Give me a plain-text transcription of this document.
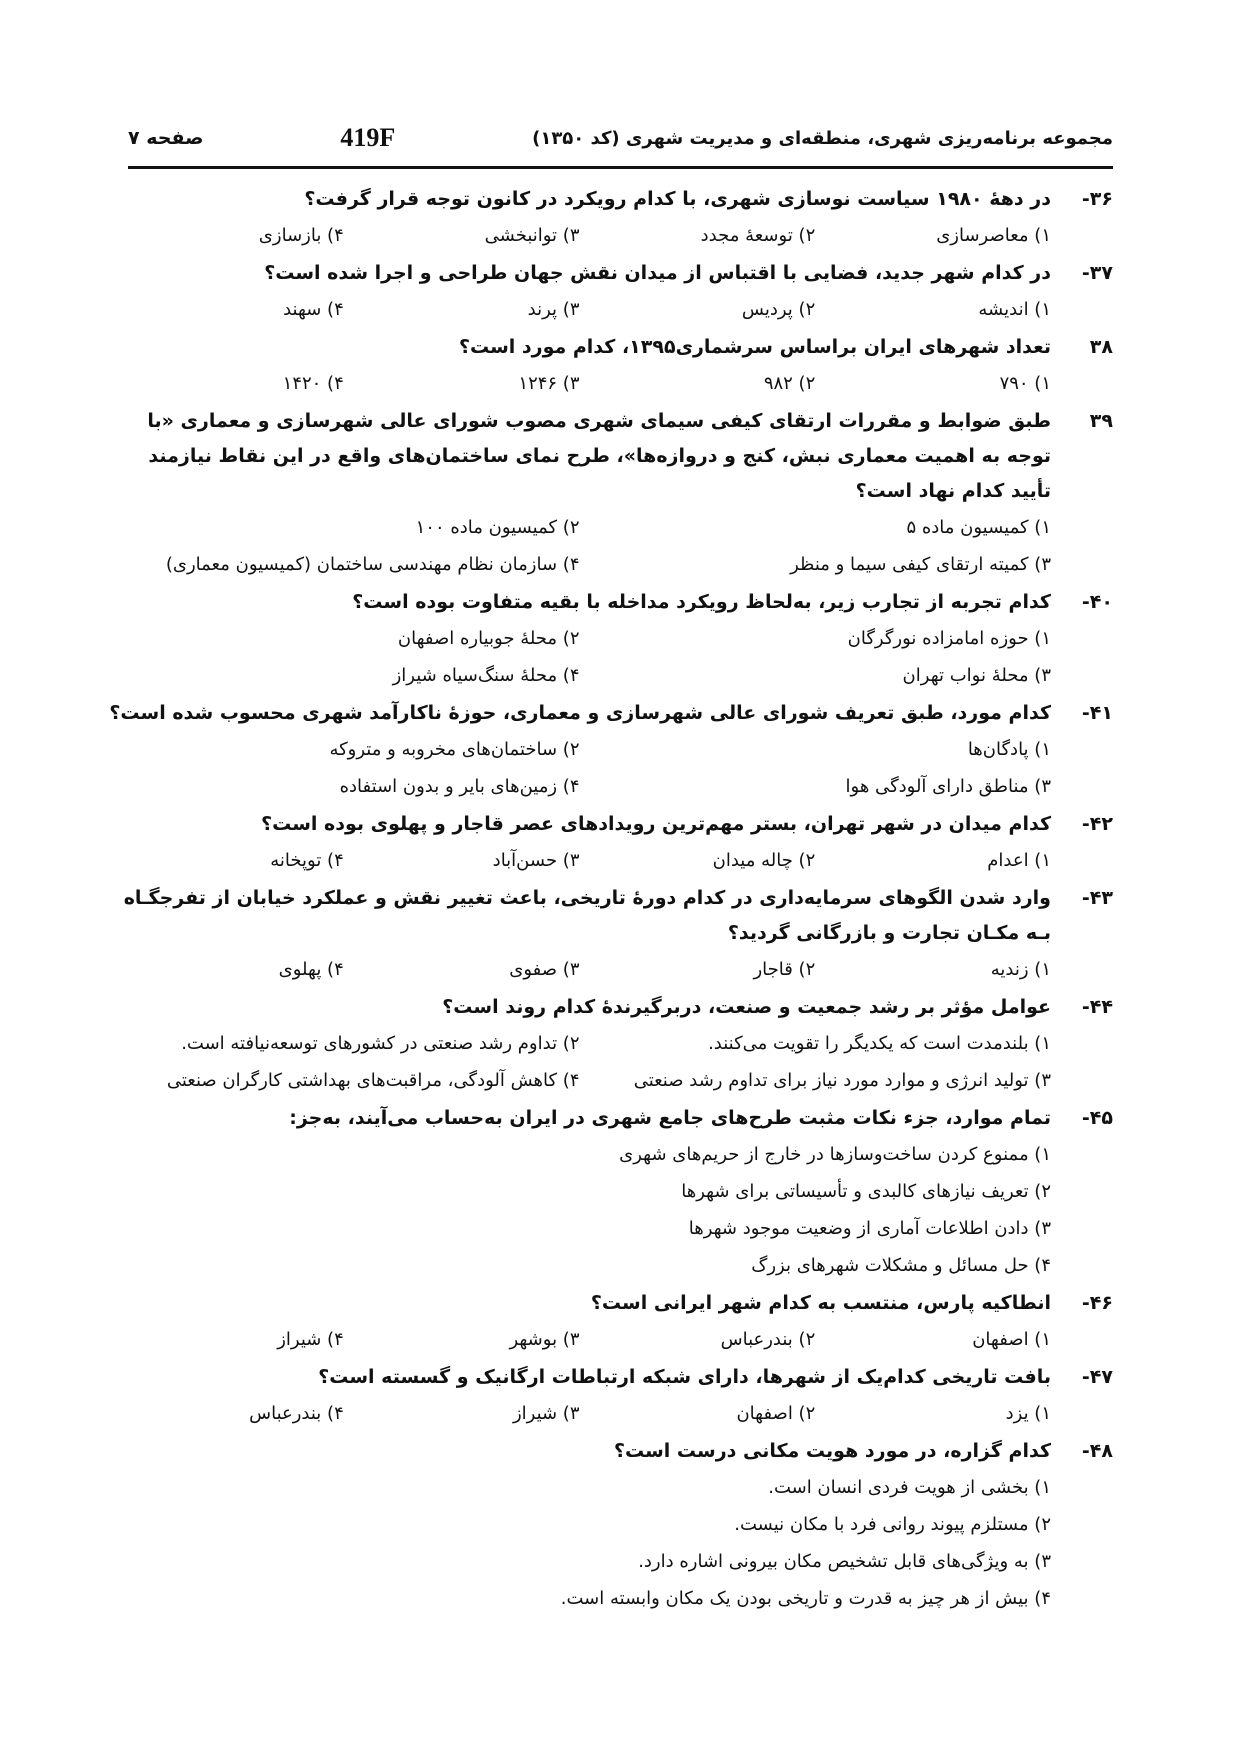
مجموعه برنامه‌ریزی شهری، منطقه‌ای و مدیریت شهری (کد ۱۳۵۰)
419F
صفحه ۷
۳۶-
در دهۀ ۱۹۸۰ سیاست نوسازی شهری، با کدام رویکرد در کانون توجه قرار گرفت؟
۱) معاصرسازی
۲) توسعۀ مجدد
۳) توانبخشی
۴) بازسازی
۳۷-
در کدام شهر جدید، فضایی با اقتباس از میدان نقش جهان طراحی و اجرا شده است؟
۱) اندیشه
۲) پردیس
۳) پرند
۴) سهند
۳۸
تعداد شهرهای ایران براساس سرشماری۱۳۹۵، کدام مورد است؟
۱) ۷۹۰
۲) ۹۸۲
۳) ۱۲۴۶
۴) ۱۴۲۰
۳۹
طبق ضوابط و مقررات ارتقای کیفی سیمای شهری مصوب شورای عالی شهرسازی و معماری «با توجه به اهمیت معماری نبش، کنج و دروازه‌ها»، طرح نمای ساختمان‌های واقع در این نقاط نیازمند تأیید کدام نهاد است؟
۱) کمیسیون ماده ۵
۲) کمیسیون ماده ۱۰۰
۳) کمیته ارتقای کیفی سیما و منظر
۴) سازمان نظام مهندسی ساختمان (کمیسیون معماری)
۴۰-
کدام تجربه از تجارب زیر، به‌لحاظ رویکرد مداخله با بقیه متفاوت بوده است؟
۱) حوزه امامزاده نورگرگان
۲) محلۀ جوبیاره اصفهان
۳) محلۀ نواب تهران
۴) محلۀ سنگ‌سیاه شیراز
۴۱-
کدام مورد، طبق تعریف شورای عالی شهرسازی و معماری، حوزۀ ناکارآمد شهری محسوب شده است؟
۱) پادگان‌ها
۲) ساختمان‌های مخروبه و متروکه
۳) مناطق دارای آلودگی هوا
۴) زمین‌های بایر و بدون استفاده
۴۲-
کدام میدان در شهر تهران، بستر مهم‌ترین رویدادهای عصر قاجار و پهلوی بوده است؟
۱) اعدام
۲) چاله میدان
۳) حسن‌آباد
۴) توپخانه
۴۳-
وارد شدن الگوهای سرمایه‌داری در کدام دورۀ تاریخی، باعث تغییر نقش و عملکرد خیابان از تفرجگـاه بـه مکـان تجارت و بازرگانی گردید؟
۱) زندیه
۲) قاجار
۳) صفوی
۴) پهلوی
۴۴-
عوامل مؤثر بر رشد جمعیت و صنعت، دربرگیرندۀ کدام روند است؟
۱) بلندمدت است که یکدیگر را تقویت می‌کنند.
۲) تداوم رشد صنعتی در کشورهای توسعه‌نیافته است.
۳) تولید انرژی و موارد مورد نیاز برای تداوم رشد صنعتی
۴) کاهش آلودگی، مراقبت‌های بهداشتی کارگران صنعتی
۴۵-
تمام موارد، جزء نکات مثبت طرح‌های جامع شهری در ایران به‌حساب می‌آیند، به‌جز:
۱) ممنوع کردن ساخت‌وسازها در خارج از حریم‌های شهری
۲) تعریف نیازهای کالبدی و تأسیساتی برای شهرها
۳) دادن اطلاعات آماری از وضعیت موجود شهرها
۴) حل مسائل و مشکلات شهرهای بزرگ
۴۶-
انطاکیه پارس، منتسب به کدام شهر ایرانی است؟
۱) اصفهان
۲) بندرعباس
۳) بوشهر
۴) شیراز
۴۷-
بافت تاریخی کدام‌یک از شهرها، دارای شبکه ارتباطات ارگانیک و گسسته است؟
۱) یزد
۲) اصفهان
۳) شیراز
۴) بندرعباس
۴۸-
کدام گزاره، در مورد هویت مکانی درست است؟
۱) بخشی از هویت فردی انسان است.
۲) مستلزم پیوند روانی فرد با مکان نیست.
۳) به ویژگی‌های قابل تشخیص مکان بیرونی اشاره دارد.
۴) بیش از هر چیز به قدرت و تاریخی بودن یک مکان وابسته است.
